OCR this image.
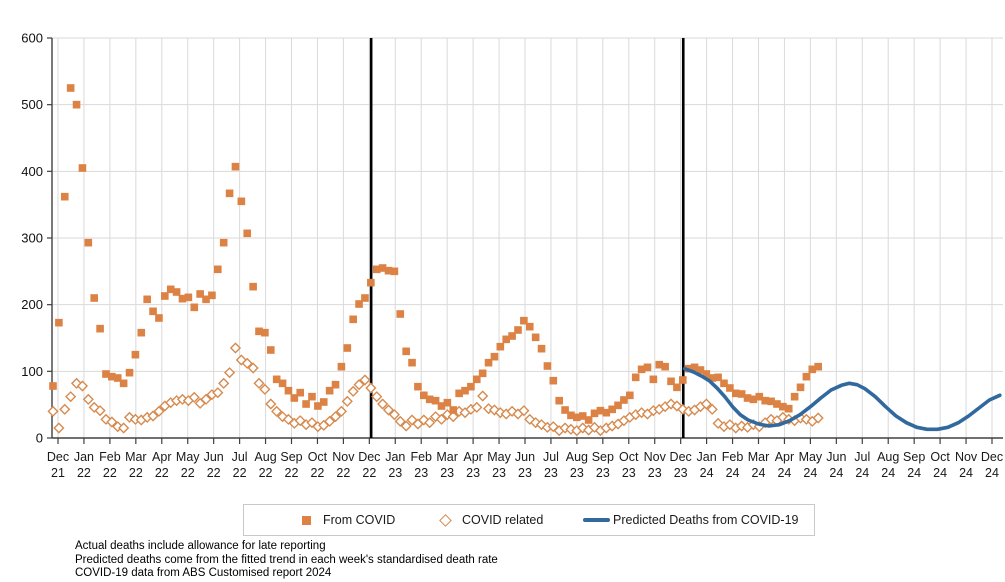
0
100
200
300
400
500
600
Dec
21
Jan
22
Feb
22
Mar
22
Apr
22
May
22
Jun
22
Jul
22
Aug
22
Sep
22
Oct
22
Nov
22
Dec
22
Jan
23
Feb
23
Mar
23
Apr
23
May
23
Jun
23
Jul
23
Aug
23
Sep
23
Oct
23
Nov
23
Dec
23
Jan
24
Feb
24
Mar
24
Apr
24
May
24
Jun
24
Jul
24
Aug
24
Sep
24
Oct
24
Nov
24
Dec
24
From COVID	COVID related	Predicted Deaths from COVID-19
Actual deaths include allowance for late reporting
Predicted deaths come from the fitted trend in each week's standardised death rate
COVID-19 data from ABS Customised report 2024
